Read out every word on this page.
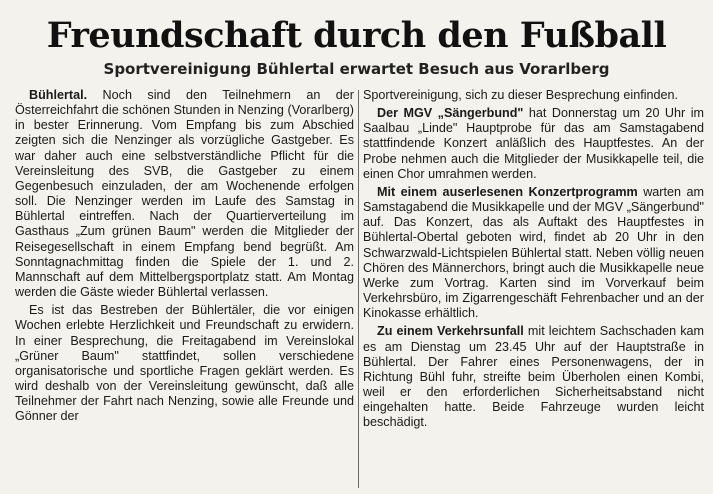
Freundschaft durch den Fußball
Sportvereinigung Bühlertal erwartet Besuch aus Vorarlberg

Bühlertal. Noch sind den Teilnehmern an der Österreichfahrt die schönen Stunden in Nenzing (Vorarlberg) in bester Erinnerung. Vom Empfang bis zum Abschied zeigten sich die Nenzinger als vorzügliche Gastgeber. Es war daher auch eine selbstverständliche Pflicht für die Vereinsleitung des SVB, die Gastgeber zu einem Gegenbesuch einzuladen, der am Wochenende erfolgen soll. Die Nenzinger werden im Laufe des Samstag in Bühlertal eintreffen. Nach der Quartierverteilung im Gasthaus „Zum grünen Baum" werden die Mitglieder der Reisegesellschaft in einem Empfang bend begrüßt. Am Sonntagnachmittag finden die Spiele der 1. und 2. Mannschaft auf dem Mittelbergsportplatz statt. Am Montag werden die Gäste wieder Bühlertal verlassen.

Es ist das Bestreben der Bühlertäler, die vor einigen Wochen erlebte Herzlichkeit und Freundschaft zu erwidern. In einer Besprechung, die Freitagabend im Vereinslokal „Grüner Baum" stattfindet, sollen verschiedene organisatorische und sportliche Fragen geklärt werden. Es wird deshalb von der Vereinsleitung gewünscht, daß alle Teilnehmer der Fahrt nach Nenzing, sowie alle Freunde und Gönner der

Sportvereinigung, sich zu dieser Besprechung einfinden.

Der MGV „Sängerbund" hat Donnerstag um 20 Uhr im Saalbau „Linde" Hauptprobe für das am Samstagabend stattfindende Konzert anläßlich des Hauptfestes. An der Probe nehmen auch die Mitglieder der Musikkapelle teil, die einen Chor umrahmen werden.

Mit einem auserlesenen Konzertprogramm warten am Samstagabend die Musikkapelle und der MGV „Sängerbund" auf. Das Konzert, das als Auftakt des Hauptfestes in Bühlertal-Obertal geboten wird, findet ab 20 Uhr in den Schwarzwald-Lichtspielen Bühlertal statt. Neben völlig neuen Chören des Männerchors, bringt auch die Musikkapelle neue Werke zum Vortrag. Karten sind im Vorverkauf beim Verkehrsbüro, im Zigarrengeschäft Fehrenbacher und an der Kinokasse erhältlich.

Zu einem Verkehrsunfall mit leichtem Sachschaden kam es am Dienstag um 23.45 Uhr auf der Hauptstraße in Bühlertal. Der Fahrer eines Personenwagens, der in Richtung Bühl fuhr, streifte beim Überholen einen Kombi, weil er den erforderlichen Sicherheitsabstand nicht eingehalten hatte. Beide Fahrzeuge wurden leicht beschädigt.
